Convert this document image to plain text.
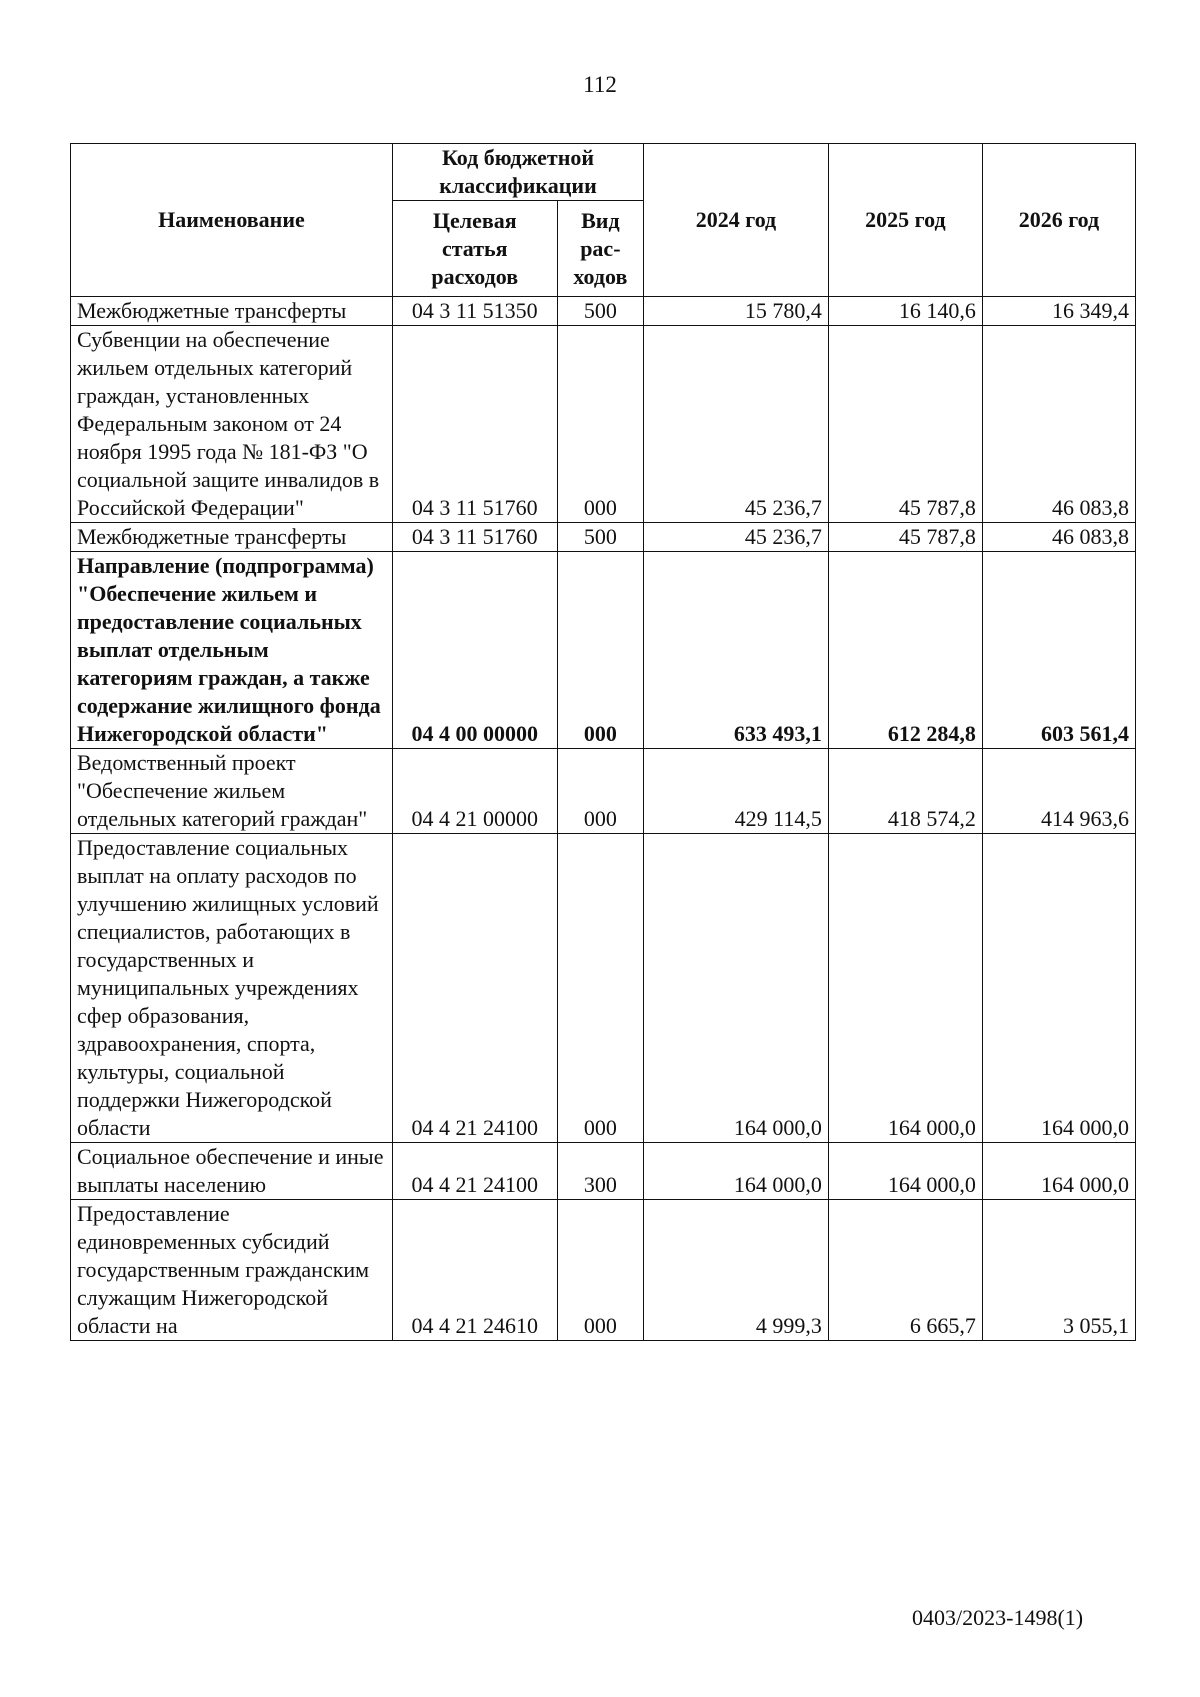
112
Наименование	Код бюджетной классификации		2024 год	2025 год	2026 год
	Целевая статья расходов	Вид рас-ходов			
Межбюджетные трансферты	04 3 11 51350	500	15 780,4	16 140,6	16 349,4
Субвенции на обеспечение жильем отдельных категорий граждан, установленных Федеральным законом от 24 ноября 1995 года № 181-ФЗ "О социальной защите инвалидов в Российской Федерации"	04 3 11 51760	000	45 236,7	45 787,8	46 083,8
Межбюджетные трансферты	04 3 11 51760	500	45 236,7	45 787,8	46 083,8
Направление (подпрограмма) "Обеспечение жильем и предоставление социальных выплат отдельным категориям граждан, а также содержание жилищного фонда Нижегородской области"	04 4 00 00000	000	633 493,1	612 284,8	603 561,4
Ведомственный проект "Обеспечение жильем отдельных категорий граждан"	04 4 21 00000	000	429 114,5	418 574,2	414 963,6
Предоставление социальных выплат на оплату расходов по улучшению жилищных условий специалистов, работающих в государственных и муниципальных учреждениях сфер образования, здравоохранения, спорта, культуры, социальной поддержки Нижегородской области	04 4 21 24100	000	164 000,0	164 000,0	164 000,0
Социальное обеспечение и иные выплаты населению	04 4 21 24100	300	164 000,0	164 000,0	164 000,0
Предоставление единовременных субсидий государственным гражданским служащим Нижегородской области на	04 4 21 24610	000	4 999,3	6 665,7	3 055,1
0403/2023-1498(1)
